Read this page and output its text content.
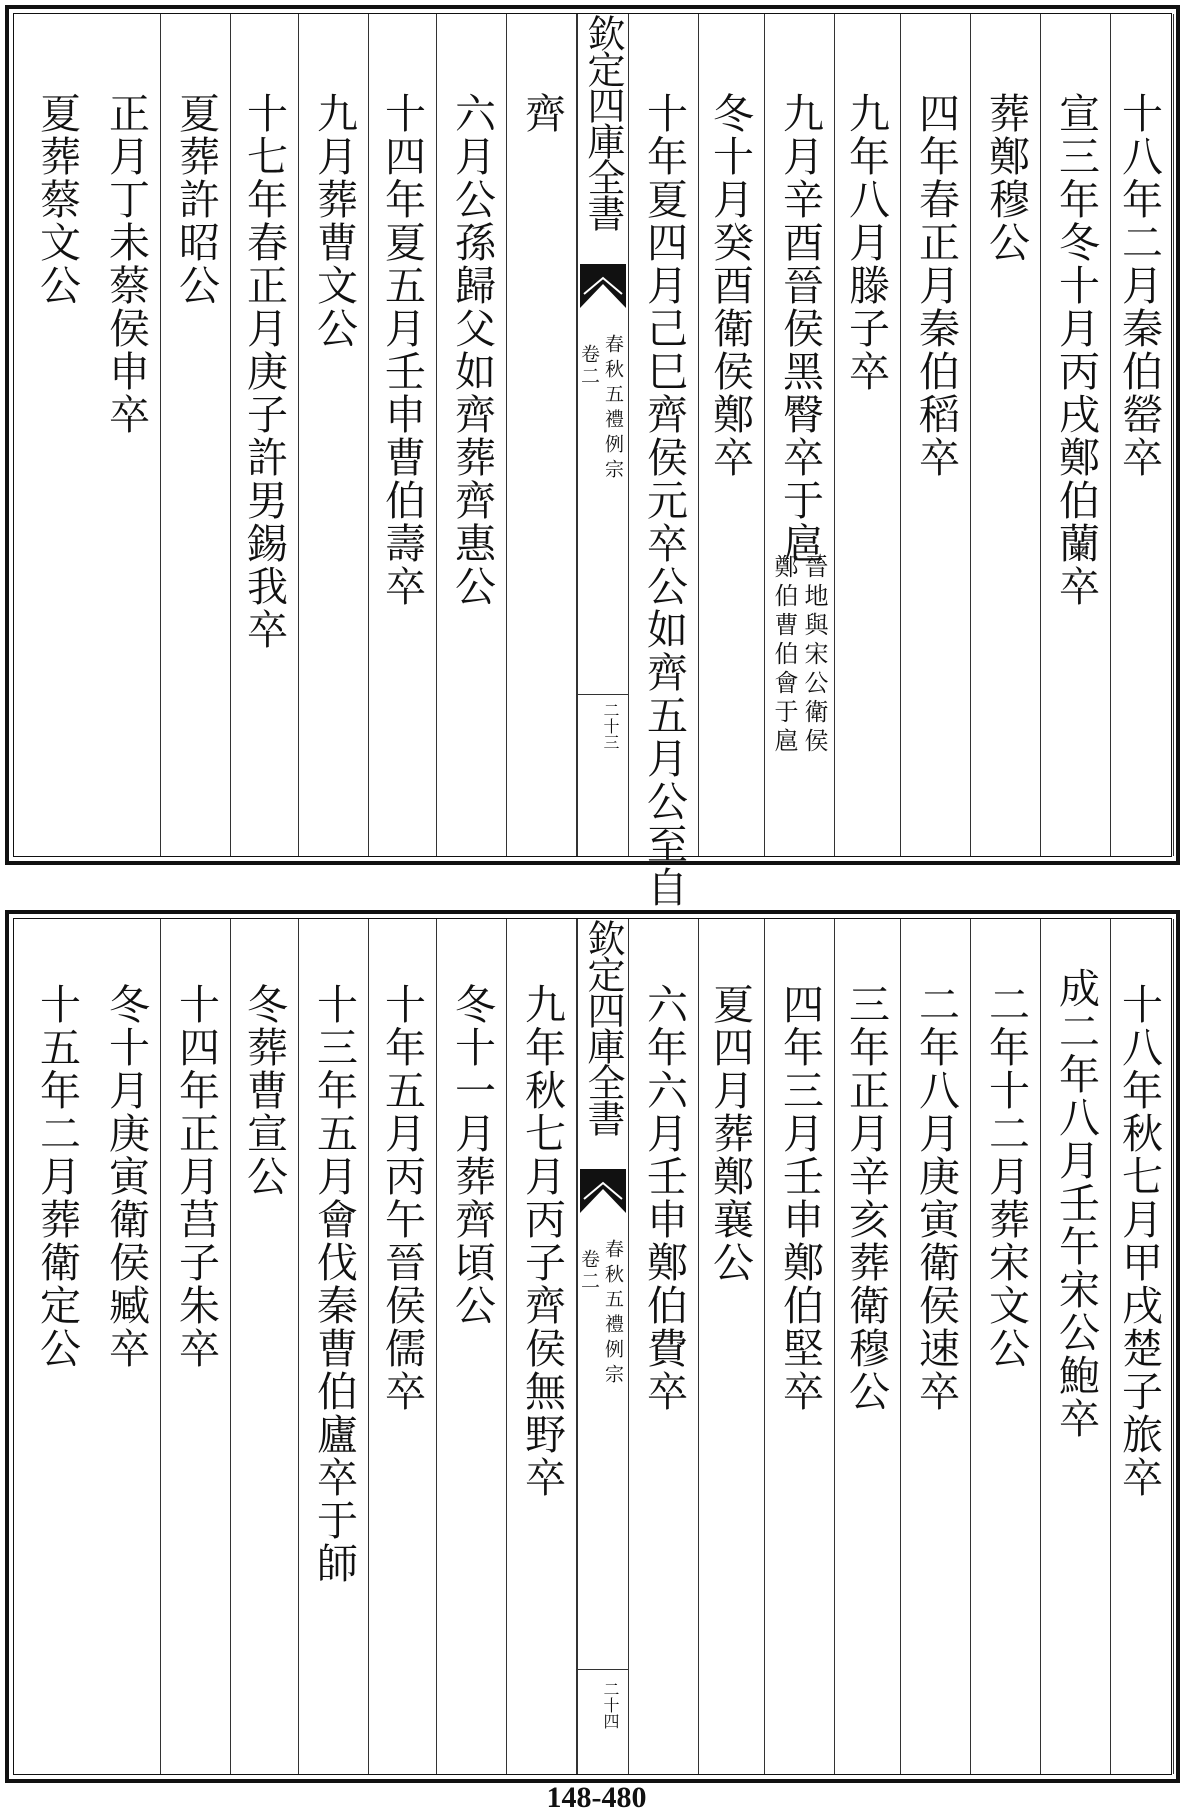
十八年二月秦伯罃卒
宣三年冬十月丙戌鄭伯蘭卒
葬鄭穆公
四年春正月秦伯稻卒
九年八月滕子卒
九月辛酉晉侯黑臀卒于扈
晉地與宋公衛侯
鄭伯曹伯會于扈
冬十月癸酉衛侯鄭卒
十年夏四月己巳齊侯元卒公如齊五月公至自
欽定四庫全書
卷二 春秋五禮例宗
二十三
齊
六月公孫歸父如齊葬齊惠公
十四年夏五月壬申曹伯壽卒
九月葬曹文公
十七年春正月庚子許男錫我卒
夏葬許昭公
正月丁未蔡侯申卒
夏葬蔡文公
十八年秋七月甲戌楚子旅卒
成二年八月壬午宋公鮑卒
二年十二月葬宋文公
二年八月庚寅衛侯速卒
三年正月辛亥葬衛穆公
四年三月壬申鄭伯堅卒
夏四月葬鄭襄公
六年六月壬申鄭伯費卒
欽定四庫全書
卷二 春秋五禮例宗
二十四
九年秋七月丙子齊侯無野卒
冬十一月葬齊頃公
十年五月丙午晉侯儒卒
十三年五月會伐秦曹伯廬卒于師
冬葬曹宣公
十四年正月莒子朱卒
冬十月庚寅衛侯臧卒
十五年二月葬衛定公
148-480
